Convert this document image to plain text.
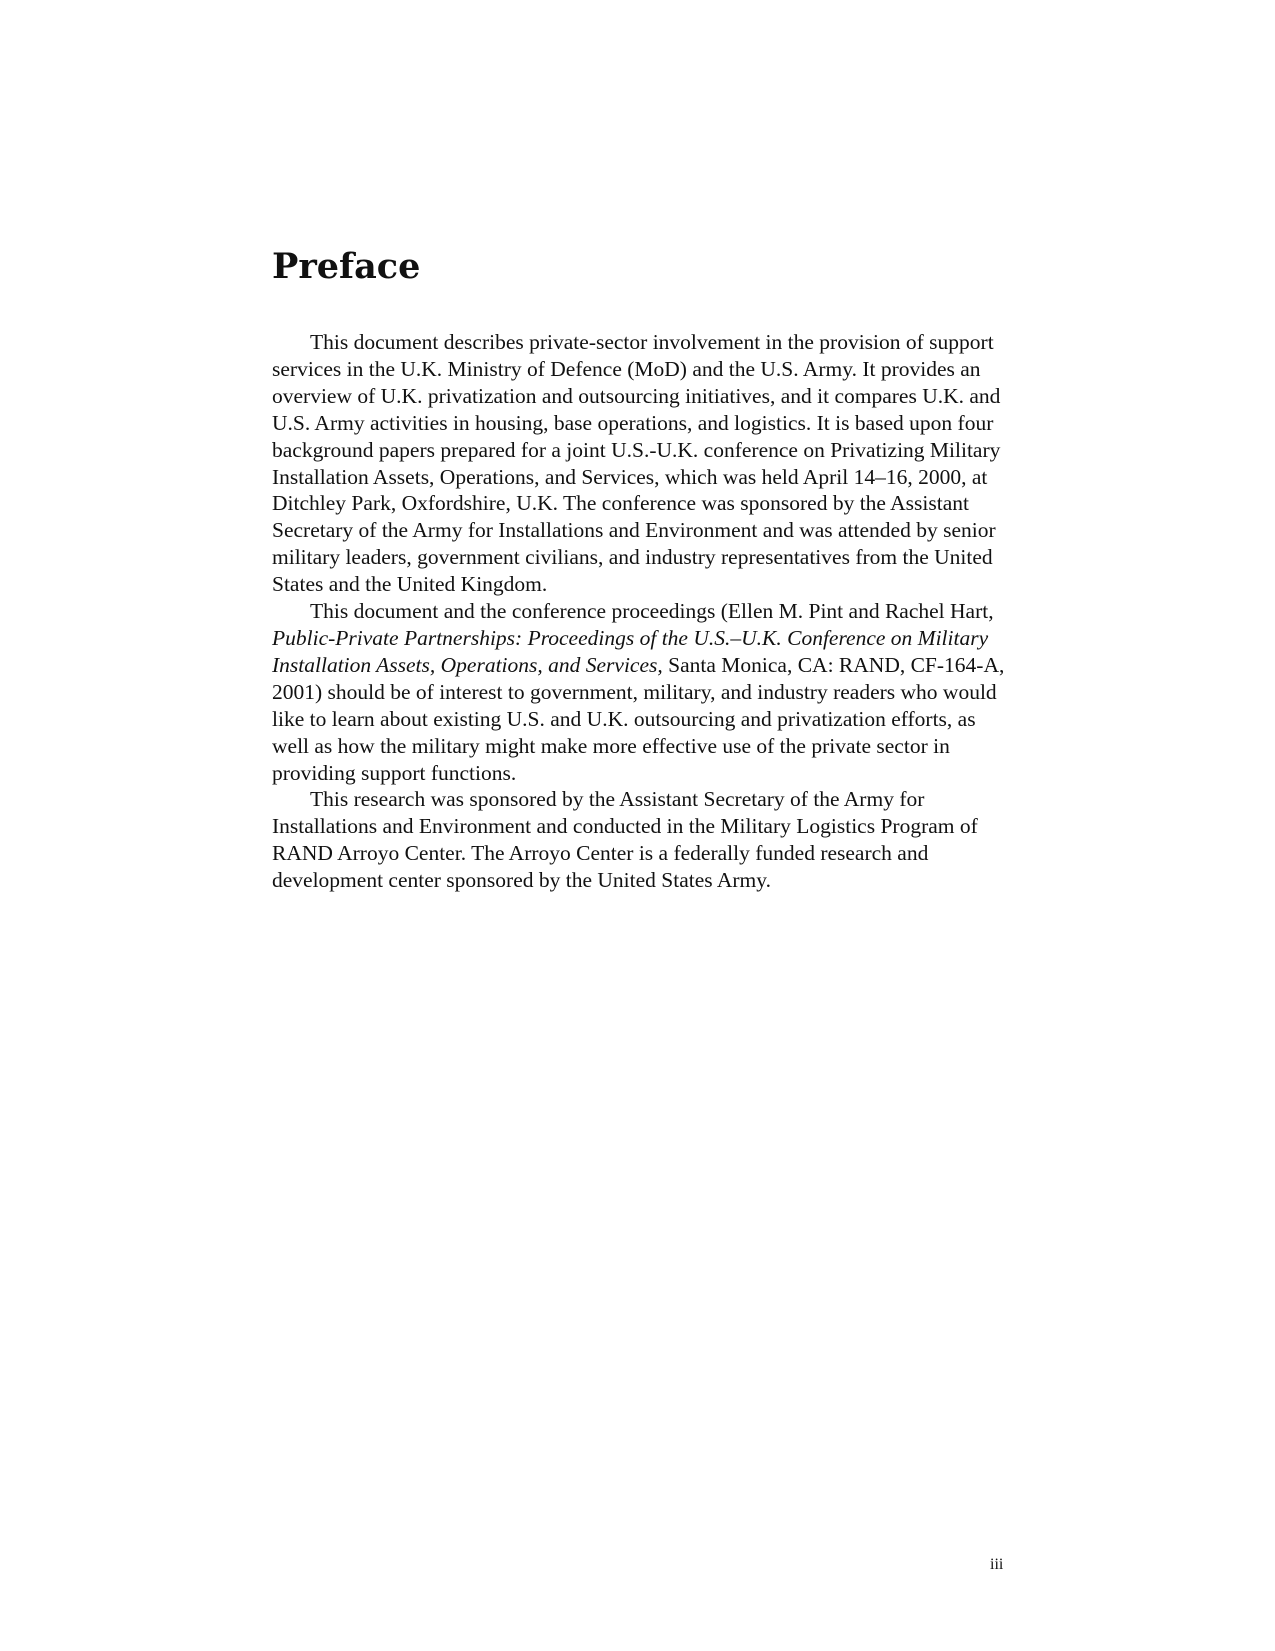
Preface

This document describes private-sector involvement in the provision of support services in the U.K. Ministry of Defence (MoD) and the U.S. Army. It provides an overview of U.K. privatization and outsourcing initiatives, and it compares U.K. and U.S. Army activities in housing, base operations, and logistics. It is based upon four background papers prepared for a joint U.S.-U.K. conference on Privatizing Military Installation Assets, Operations, and Services, which was held April 14–16, 2000, at Ditchley Park, Oxfordshire, U.K. The conference was sponsored by the Assistant Secretary of the Army for Installations and Environment and was attended by senior military leaders, government civilians, and industry representatives from the United States and the United Kingdom.

This document and the conference proceedings (Ellen M. Pint and Rachel Hart, Public-Private Partnerships: Proceedings of the U.S.–U.K. Conference on Military Installation Assets, Operations, and Services, Santa Monica, CA: RAND, CF-164-A, 2001) should be of interest to government, military, and industry readers who would like to learn about existing U.S. and U.K. outsourcing and privatization efforts, as well as how the military might make more effective use of the private sector in providing support functions.

This research was sponsored by the Assistant Secretary of the Army for Installations and Environment and conducted in the Military Logistics Program of RAND Arroyo Center. The Arroyo Center is a federally funded research and development center sponsored by the United States Army.

iii
